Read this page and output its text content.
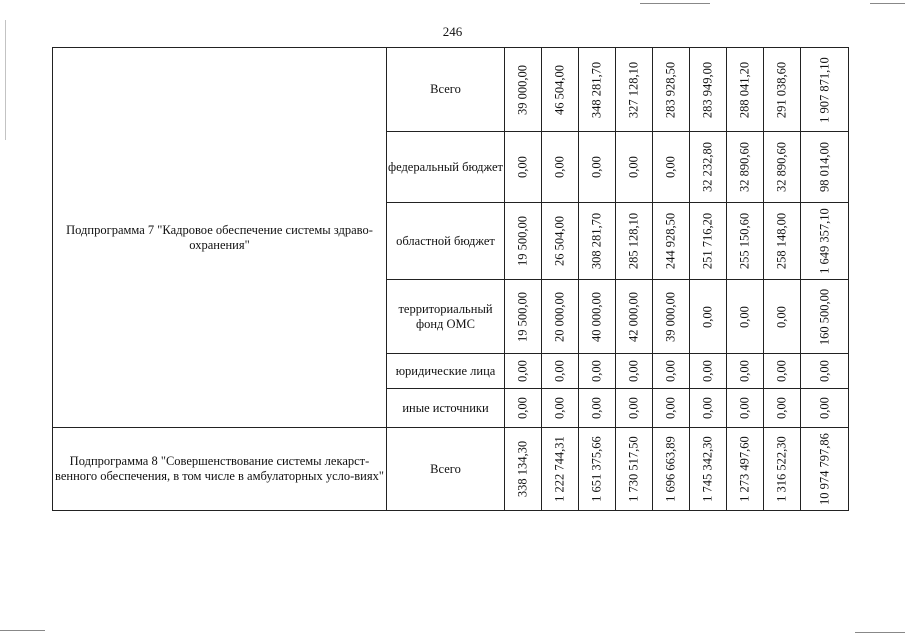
246
Подпрограмма 7 "Кадровое обеспечение системы здраво-охранения"	Всего	39 000,00	46 504,00	348 281,70	327 128,10	283 928,50	283 949,00	288 041,20	291 038,60	1 907 871,10

	федеральный бюджет	0,00	0,00	0,00	0,00	0,00	32 232,80	32 890,60	32 890,60	98 014,00

	областной бюджет	19 500,00	26 504,00	308 281,70	285 128,10	244 928,50	251 716,20	255 150,60	258 148,00	1 649 357,10

	территориальный фонд ОМС	19 500,00	20 000,00	40 000,00	42 000,00	39 000,00	0,00	0,00	0,00	160 500,00

	юридические лица	0,00	0,00	0,00	0,00	0,00	0,00	0,00	0,00	0,00

	иные источники	0,00	0,00	0,00	0,00	0,00	0,00	0,00	0,00	0,00

Подпрограмма 8 "Совершенствование системы лекарст-венного обеспечения, в том числе в амбулаторных усло-виях"	Всего	338 134,30	1 222 744,31	1 651 375,66	1 730 517,50	1 696 663,89	1 745 342,30	1 273 497,60	1 316 522,30	10 974 797,86
